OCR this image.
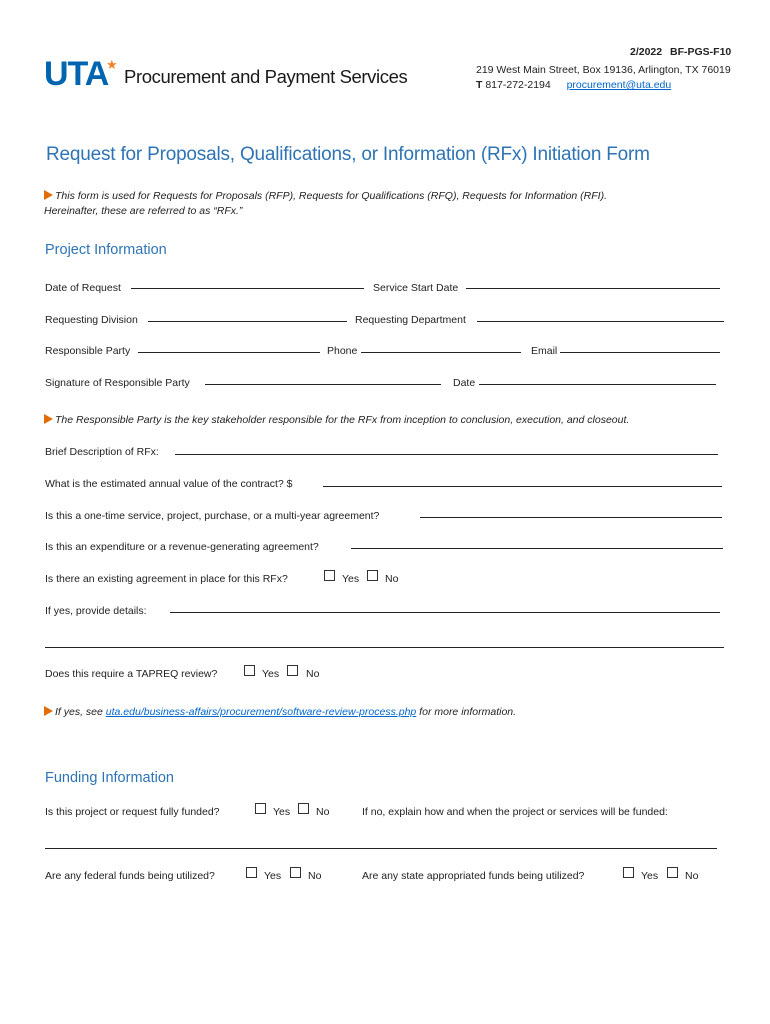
UTA
★
Procurement and Payment Services
2/2022 BF-PGS-F10
219 West Main Street, Box 19136, Arlington, TX 76019
T 817-272-2194 procurement@uta.edu
Request for Proposals, Qualifications, or Information (RFx) Initiation Form
This form is used for Requests for Proposals (RFP), Requests for Qualifications (RFQ), Requests for Information (RFI).
Hereinafter, these are referred to as “RFx.”
Project Information
Date of Request	Service Start Date
Requesting Division	Requesting Department
Responsible Party	Phone	Email
Signature of Responsible Party	Date
The Responsible Party is the key stakeholder responsible for the RFx from inception to conclusion, execution, and closeout.
Brief Description of RFx:
What is the estimated annual value of the contract? $
Is this a one-time service, project, purchase, or a multi-year agreement?
Is this an expenditure or a revenue-generating agreement?
Is there an existing agreement in place for this RFx?	Yes No
If yes, provide details:
Does this require a TAPREQ review?	Yes	No
If yes, see uta.edu/business-affairs/procurement/software-review-process.php for more information.
Funding Information
Is this project or request fully funded?	Yes No	If no, explain how and when the project or services will be funded:
Are any federal funds being utilized?	Yes	No	Are any state appropriated funds being utilized?	Yes	No
